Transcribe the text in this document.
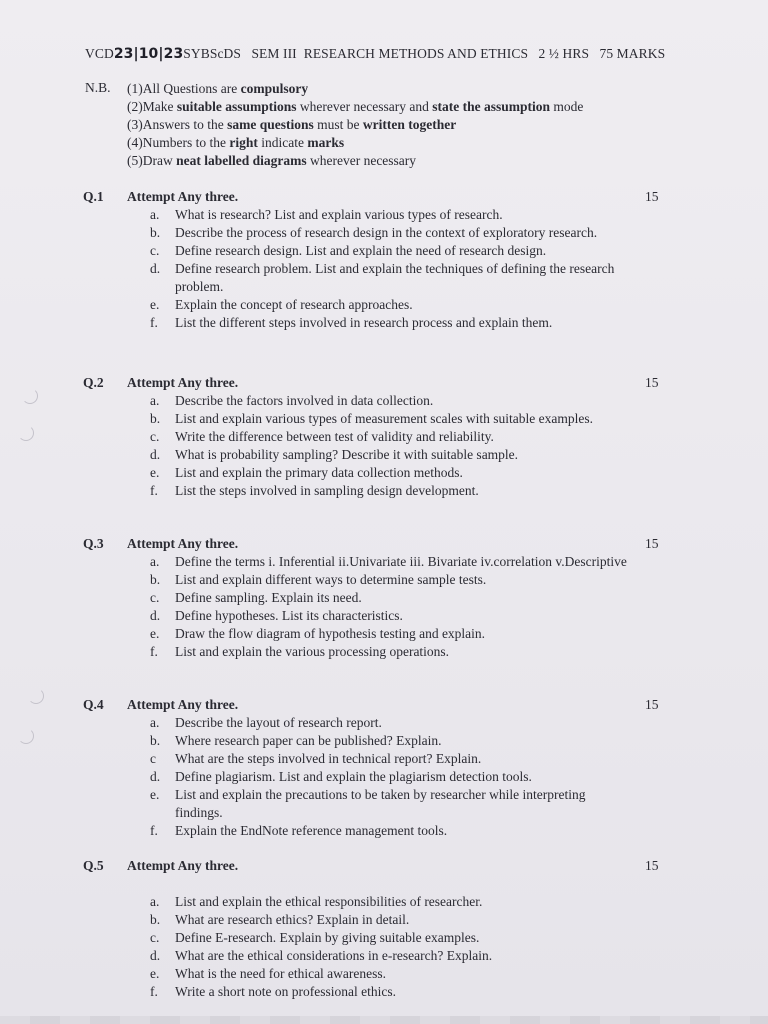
VCD23|10|23SYBScDS   SEM III  RESEARCH METHODS AND ETHICS   2 ½ HRS   75 MARKS
N.B. (1)All Questions are compulsory
(2)Make suitable assumptions wherever necessary and state the assumption mode
(3)Answers to the same questions must be written together
(4)Numbers to the right indicate marks
(5)Draw neat labelled diagrams wherever necessary
Q.1 Attempt Any three.	15
a.	What is research? List and explain various types of research.
b.	Describe the process of research design in the context of exploratory research.
c.	Define research design. List and explain the need of research design.
d.	Define research problem. List and explain the techniques of defining the research problem.
e.	Explain the concept of research approaches.
f.	List the different steps involved in research process and explain them.
Q.2 Attempt Any three.	15
a.	Describe the factors involved in data collection.
b.	List and explain various types of measurement scales with suitable examples.
c.	Write the difference between test of validity and reliability.
d.	What is probability sampling? Describe it with suitable sample.
e.	List and explain the primary data collection methods.
f.	List the steps involved in sampling design development.
Q.3 Attempt Any three.	15
a.	Define the terms i. Inferential ii.Univariate iii. Bivariate iv.correlation v.Descriptive
b.	List and explain different ways to determine sample tests.
c.	Define sampling. Explain its need.
d.	Define hypotheses. List its characteristics.
e.	Draw the flow diagram of hypothesis testing and explain.
f.	List and explain the various processing operations.
Q.4 Attempt Any three.	15
a.	Describe the layout of research report.
b.	Where research paper can be published? Explain.
c	What are the steps involved in technical report? Explain.
d.	Define plagiarism. List and explain the plagiarism detection tools.
e.	List and explain the precautions to be taken by researcher while interpreting findings.
f.	Explain the EndNote reference management tools.
Q.5 Attempt Any three.	15
a.	List and explain the ethical responsibilities of researcher.
b.	What are research ethics? Explain in detail.
c.	Define E-research. Explain by giving suitable examples.
d.	What are the ethical considerations in e-research? Explain.
e.	What is the need for ethical awareness.
f.	Write a short note on professional ethics.
